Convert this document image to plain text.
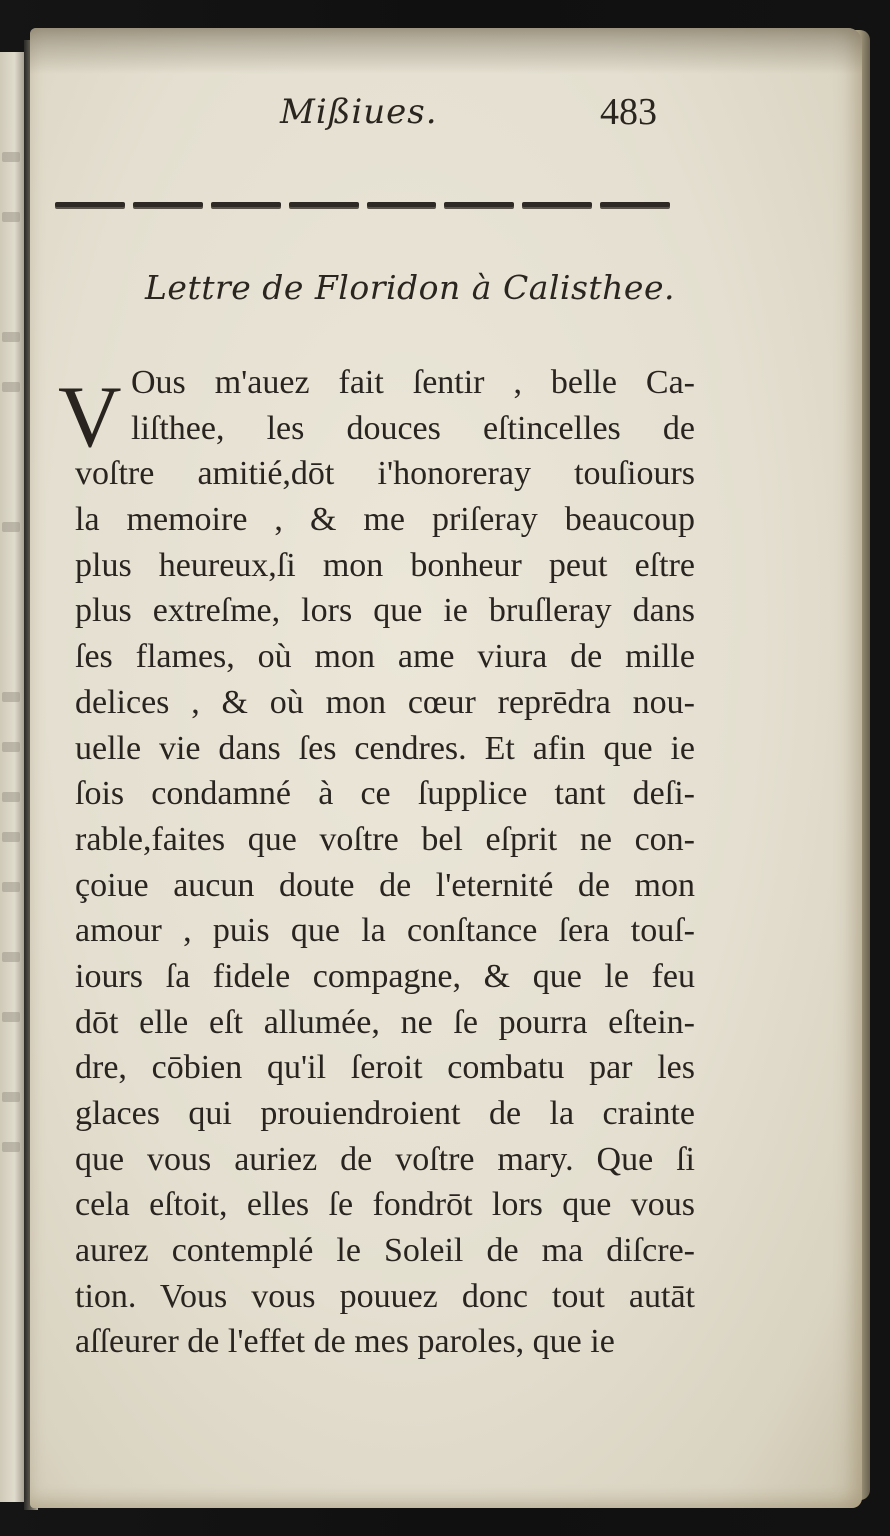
Mißiues.	483
Lettre de Floridon à Calisthee.
V Ous m'auez fait ſentir , belle Ca-
liſthee, les douces eſtincelles de
voſtre amitié,dōt i'honoreray touſiours
la memoire , & me priſeray beaucoup
plus heureux,ſi mon bonheur peut eſtre
plus extreſme, lors que ie bruſleray dans
ſes flames, où mon ame viura de mille
delices , & où mon cœur reprēdra nou-
uelle vie dans ſes cendres. Et afin que ie
ſois condamné à ce ſupplice tant deſi-
rable,faites que voſtre bel eſprit ne con-
çoiue aucun doute de l'eternité de mon
amour , puis que la conſtance ſera touſ-
iours ſa fidele compagne, & que le feu
dōt elle eſt allumée, ne ſe pourra eſtein-
dre, cōbien qu'il ſeroit combatu par les
glaces qui prouiendroient de la crainte
que vous auriez de voſtre mary. Que ſi
cela eſtoit, elles ſe fondrōt lors que vous
aurez contemplé le Soleil de ma diſcre-
tion. Vous vous pouuez donc tout autāt
aſſeurer de l'effet de mes paroles, que ie
